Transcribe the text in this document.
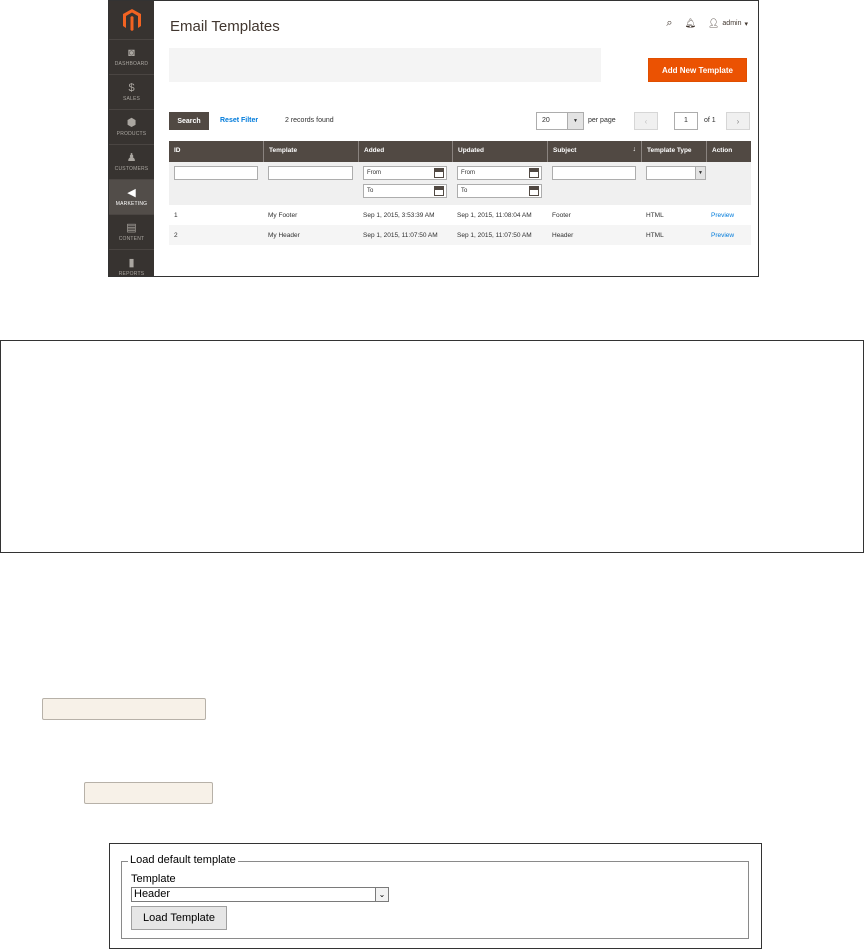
◙
DASHBOARD
$
SALES
⬢
PRODUCTS
♟
CUSTOMERS
◀
MARKETING
▤
CONTENT
▮
REPORTS
Email Templates	⌕ 🔔︎ 👤︎ admin ▾
Add New Template
Search	Reset Filter	2 records found	20	▼	per page	‹	1	of 1	›
ID	Template	Added	Updated	Subject	↓	Template Type	Action
From
To
From
To
▼
1	My Footer	Sep 1, 2015, 3:53:39 AM	Sep 1, 2015, 11:08:04 AM	Footer	HTML	Preview
2	My Header	Sep 1, 2015, 11:07:50 AM	Sep 1, 2015, 11:07:50 AM	Header	HTML	Preview
Load default template
Template
Header	⌄
Load Template
